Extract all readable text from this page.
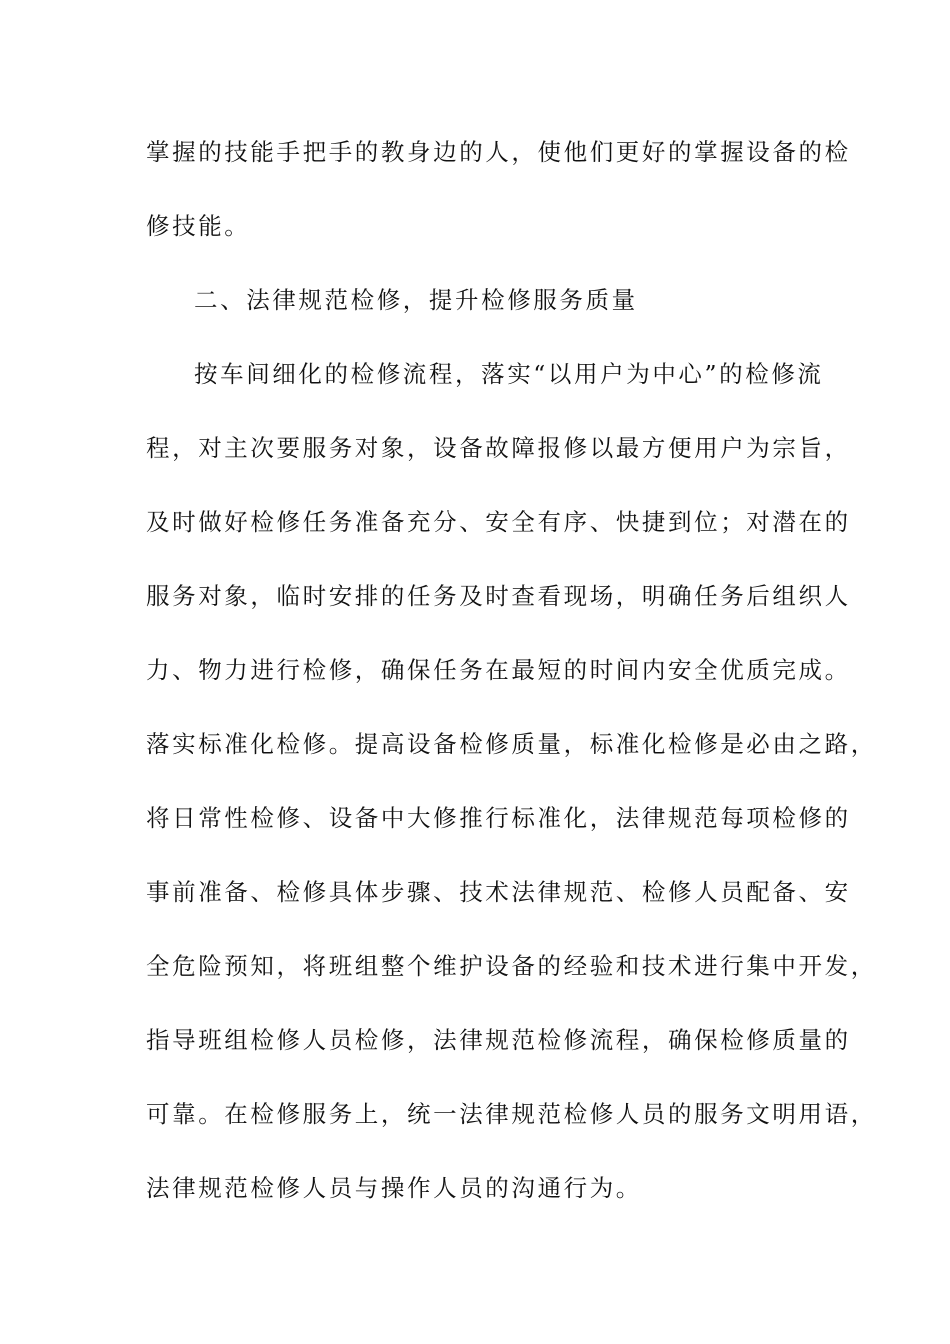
掌握的技能手把手的教身边的人，使他们更好的掌握设备的检
修技能。
二、法律规范检修，提升检修服务质量
按车间细化的检修流程，落实“以用户为中心”的检修流
程，对主次要服务对象，设备故障报修以最方便用户为宗旨，
及时做好检修任务准备充分、安全有序、快捷到位；对潜在的
服务对象，临时安排的任务及时查看现场，明确任务后组织人
力、物力进行检修，确保任务在最短的时间内安全优质完成。
落实标准化检修。提高设备检修质量，标准化检修是必由之路，
将日常性检修、设备中大修推行标准化，法律规范每项检修的
事前准备、检修具体步骤、技术法律规范、检修人员配备、安
全危险预知，将班组整个维护设备的经验和技术进行集中开发，
指导班组检修人员检修，法律规范检修流程，确保检修质量的
可靠。在检修服务上，统一法律规范检修人员的服务文明用语，
法律规范检修人员与操作人员的沟通行为。
